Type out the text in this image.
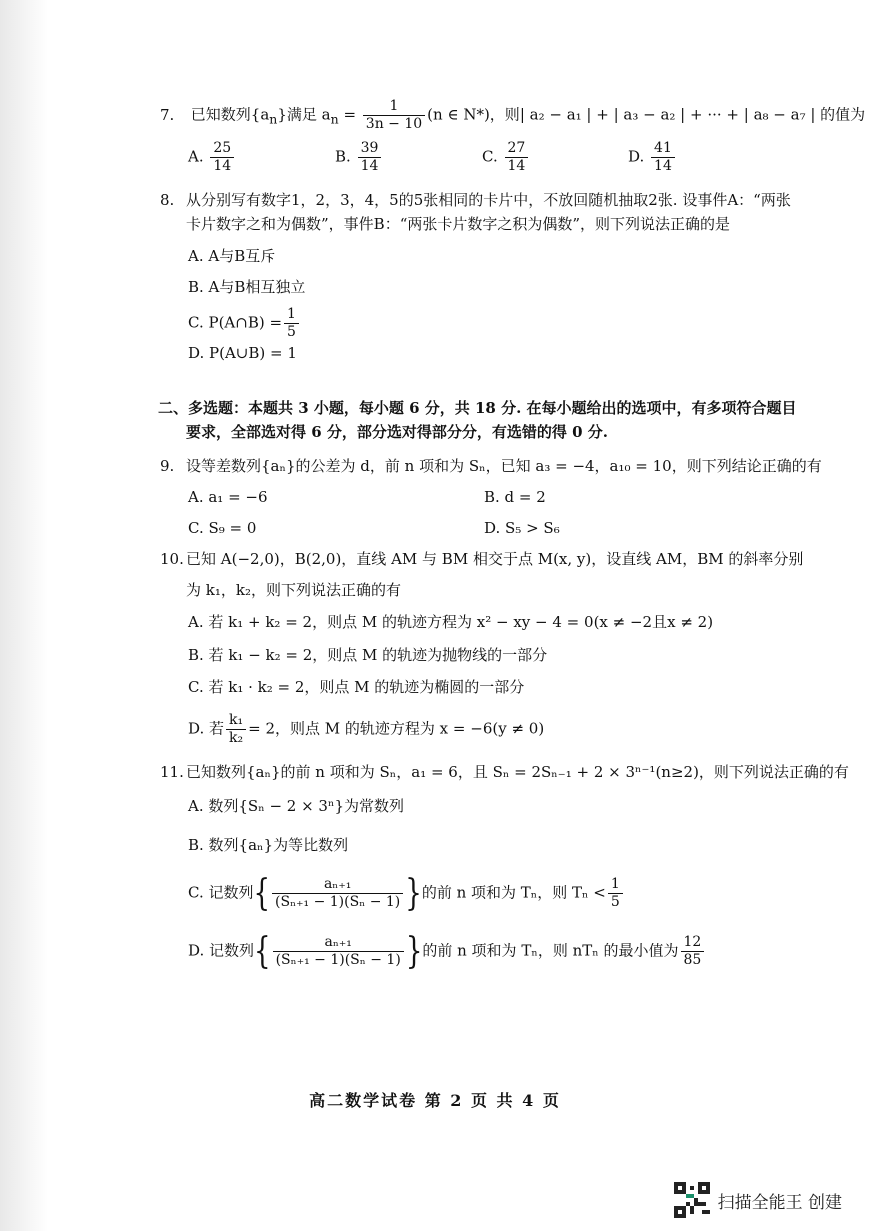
7. 已知数列$\{a_n\}$满足 $a_n = \frac{1}{3n - 10} (n$ ∈ N*)，则| a₂ − a₁ | + | a₃ − a₂ | + ··· + | a₈ − a₇ | 的值为
A. $\frac{25}{14}$	B. $\frac{39}{14}$	C. $\frac{27}{14}$	D. $\frac{41}{14}$
8. 从分别写有数字1，2，3，4，5的5张相同的卡片中，不放回随机抽取2张. 设事件A：“两张
卡片数字之和为偶数”，事件B：“两张卡片数字之积为偶数”，则下列说法正确的是
A. A与B互斥
B. A与B相互独立
C. P(A∩B) = $\frac{1}{5}$
D. P(A∪B) = 1
二、多选题：本题共 3 小题，每小题 6 分，共 18 分. 在每小题给出的选项中，有多项符合题目
要求，全部选对得 6 分，部分选对得部分分，有选错的得 0 分.
9. 设等差数列{aₙ}的公差为 d，前 n 项和为 Sₙ，已知 a₃ = −4，a₁₀ = 10，则下列结论正确的有
A. a₁ = −6	B. d = 2
C. S₉ = 0	D. S₅ > S₆
10. 已知 A(−2,0)，B(2,0)，直线 AM 与 BM 相交于点 M(x, y)，设直线 AM，BM 的斜率分别
为 k₁，k₂，则下列说法正确的有
A. 若 k₁ + k₂ = 2，则点 M 的轨迹方程为 x² − xy − 4 = 0(x ≠ −2且x ≠ 2)
B. 若 k₁ − k₂ = 2，则点 M 的轨迹为抛物线的一部分
C. 若 k₁ · k₂ = 2，则点 M 的轨迹为椭圆的一部分
D. 若 $\frac{\text{k₁}}{\text{k₂}} = 2$，则点 M 的轨迹方程为 x = −6(y ≠ 0)
11. 已知数列{aₙ}的前 n 项和为 Sₙ，a₁ = 6，且 Sₙ = 2Sₙ₋₁ + 2 × 3ⁿ⁻¹(n≥2)，则下列说法正确的有
A. 数列{Sₙ − 2 × 3ⁿ}为常数列
B. 数列{aₙ}为等比数列
C. 记数列{ $\frac{\text{aₙ₊₁}}{\text{(Sₙ₊₁ − 1)(Sₙ − 1)}}$ }的前 n 项和为 Tₙ，则 $T_n < \frac{1}{5}$
D. 记数列{ $\frac{\text{aₙ₊₁}}{\text{(Sₙ₊₁ − 1)(Sₙ − 1)}}$ }的前 n 项和为 Tₙ，则 nTₙ 的最小值为 $\frac{12}{85}$
高二数学试卷 第 2 页 共 4 页
扫描全能王 创建
